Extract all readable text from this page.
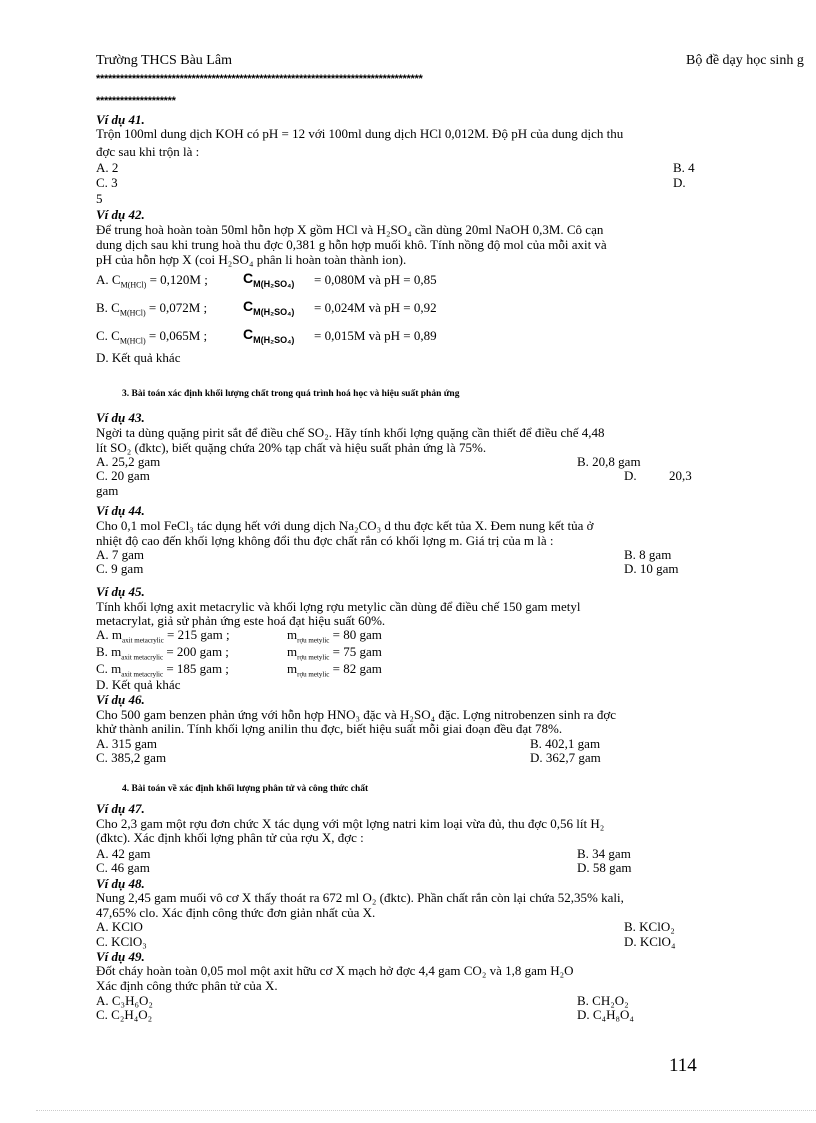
Trường THCS Bàu Lâm	Bộ đề dạy học sinh g
**********************************************************************************
********************
Ví dụ 41.
Trộn 100ml dung dịch KOH có pH = 12 với 100ml dung dịch HCl 0,012M. Độ pH của dung dịch thu
đợc sau khi trộn là :
A. 2	B. 4
C. 3	D.
5
Ví dụ 42.
Để trung hoà hoàn toàn 50ml hỗn hợp X gồm HCl và H₂SO₄ cần dùng 20ml NaOH 0,3M. Cô cạn
dung dịch sau khi trung hoà thu đợc 0,381 g hỗn hợp muối khô. Tính nồng độ mol của mỗi axit và
pH của hỗn hợp X (coi H₂SO₄ phân li hoàn toàn thành ion).
A. $C_{M(HCl)} = 0,120M$ ;	$C_{M(H_2SO_4)} = 0,080M$ và pH = 0,85
B. $C_{M(HCl)} = 0,072M$ ;	$C_{M(H_2SO_4)} = 0,024M$ và pH = 0,92
C. $C_{M(HCl)} = 0,065M$ ;	$C_{M(H_2SO_4)} = 0,015M$ và pH = 0,89
D. Kết quả khác
3. Bài toán xác định khối lượng chất trong quá trình hoá học và hiệu suất phản ứng
Ví dụ 43.
Ngời ta dùng quặng pirit sắt để điều chế SO₂. Hãy tính khối lợng quặng cần thiết để điều chế 4,48
lít SO₂ (đktc), biết quặng chứa 20% tạp chất và hiệu suất phản ứng là 75%.
A. 25,2 gam	B. 20,8 gam
C. 20 gam	D. 20,3
gam
Ví dụ 44.
Cho 0,1 mol FeCl₃ tác dụng hết với dung dịch Na₂CO₃ d thu đợc kết tủa X. Đem nung kết tủa ở
nhiệt độ cao đến khối lợng không đổi thu đợc chất rắn có khối lợng m. Giá trị của m là :
A. 7 gam	B. 8 gam
C. 9 gam	D. 10 gam
Ví dụ 45.
Tính khối lợng axit metacrylic và khối lợng rợu metylic cần dùng để điều chế 150 gam metyl
metacrylat, giả sử phản ứng este hoá đạt hiệu suất 60%.
A. $m_{axit metacrylic} = 215$ gam ;	$m_{rợu metylic} = 80$ gam
B. $m_{axit metacrylic} = 200$ gam ;	$m_{rợu metylic} = 75$ gam
C. $m_{axit metacrylic} = 185$ gam ;	$m_{rợu metylic} = 82$ gam
D. Kết quả khác
Ví dụ 46.
Cho 500 gam benzen phản ứng với hỗn hợp HNO₃ đặc và H₂SO₄ đặc. Lợng nitrobenzen sinh ra đợc
khử thành anilin. Tính khối lợng anilin thu đợc, biết hiệu suất mỗi giai đoạn đều đạt 78%.
A. 315 gam	B. 402,1 gam
C. 385,2 gam	D. 362,7 gam
4. Bài toán về xác định khối lượng phân tử và công thức chất
Ví dụ 47.
Cho 2,3 gam một rợu đơn chức X tác dụng với một lợng natri kim loại vừa đủ, thu đợc 0,56 lít H₂
(đktc). Xác định khối lợng phân tử của rợu X, đợc :
A. 42 gam	B. 34 gam
C. 46 gam	D. 58 gam
Ví dụ 48.
Nung 2,45 gam muối vô cơ X thấy thoát ra 672 ml O₂ (đktc). Phần chất rắn còn lại chứa 52,35% kali,
47,65% clo. Xác định công thức đơn giản nhất của X.
A. KClO	B. KClO₂
C. KClO₃	D. KClO₄
Ví dụ 49.
Đốt cháy hoàn toàn 0,05 mol một axit hữu cơ X mạch hở đợc 4,4 gam CO₂ và 1,8 gam H₂O
Xác định công thức phân tử của X.
A. C₃H₆O₂	B. CH₂O₂
C. C₂H₄O₂	D. C₄H₈O₄
114
